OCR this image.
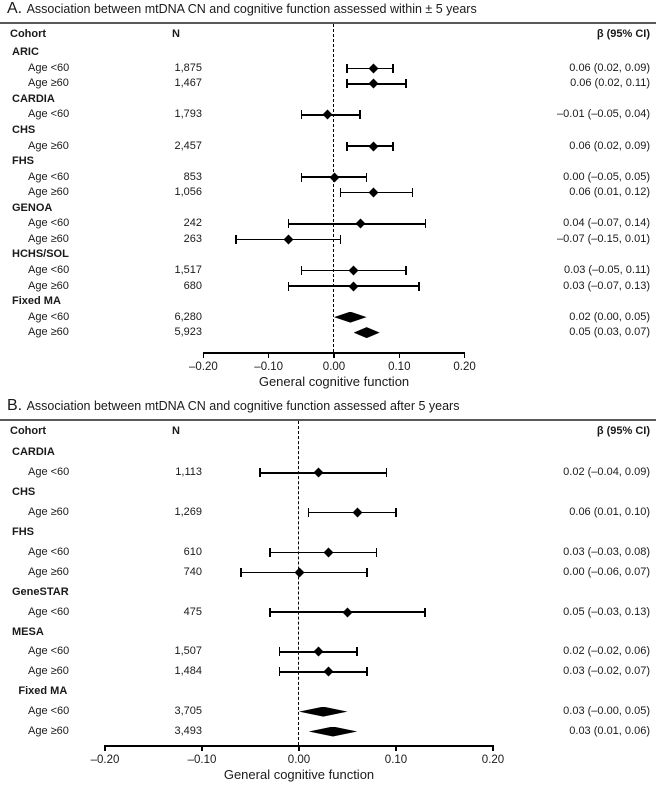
A. Association between mtDNA CN and cognitive function assessed within ± 5 years
Cohort	N	β (95% CI)
ARIC
Age <60	1,875	0.06 (0.02, 0.09)
Age ≥60	1,467	0.06 (0.02, 0.11)
CARDIA
Age <60	1,793	–0.01 (–0.05, 0.04)
CHS
Age ≥60	2,457	0.06 (0.02, 0.09)
FHS
Age <60	853	0.00 (–0.05, 0.05)
Age ≥60	1,056	0.06 (0.01, 0.12)
GENOA
Age <60	242	0.04 (–0.07, 0.14)
Age ≥60	263	–0.07 (–0.15, 0.01)
HCHS/SOL
Age <60	1,517	0.03 (–0.05, 0.11)
Age ≥60	680	0.03 (–0.07, 0.13)
Fixed MA
Age <60	6,280	0.02 (0.00, 0.05)
Age ≥60	5,923	0.05 (0.03, 0.07)
–0.20	–0.10	0.00	0.10	0.20
General cognitive function
B. Association between mtDNA CN and cognitive function assessed after 5 years
Cohort	N	β (95% CI)
CARDIA
Age <60	1,113	0.02 (–0.04, 0.09)
CHS
Age ≥60	1,269	0.06 (0.01, 0.10)
FHS
Age <60	610	0.03 (–0.03, 0.08)
Age ≥60	740	0.00 (–0.06, 0.07)
GeneSTAR
Age <60	475	0.05 (–0.03, 0.13)
MESA
Age <60	1,507	0.02 (–0.02, 0.06)
Age ≥60	1,484	0.03 (–0.02, 0.07)
Fixed MA
Age <60	3,705	0.03 (–0.00, 0.05)
Age ≥60	3,493	0.03 (0.01, 0.06)
–0.20	–0.10	0.00	0.10	0.20
General cognitive function
